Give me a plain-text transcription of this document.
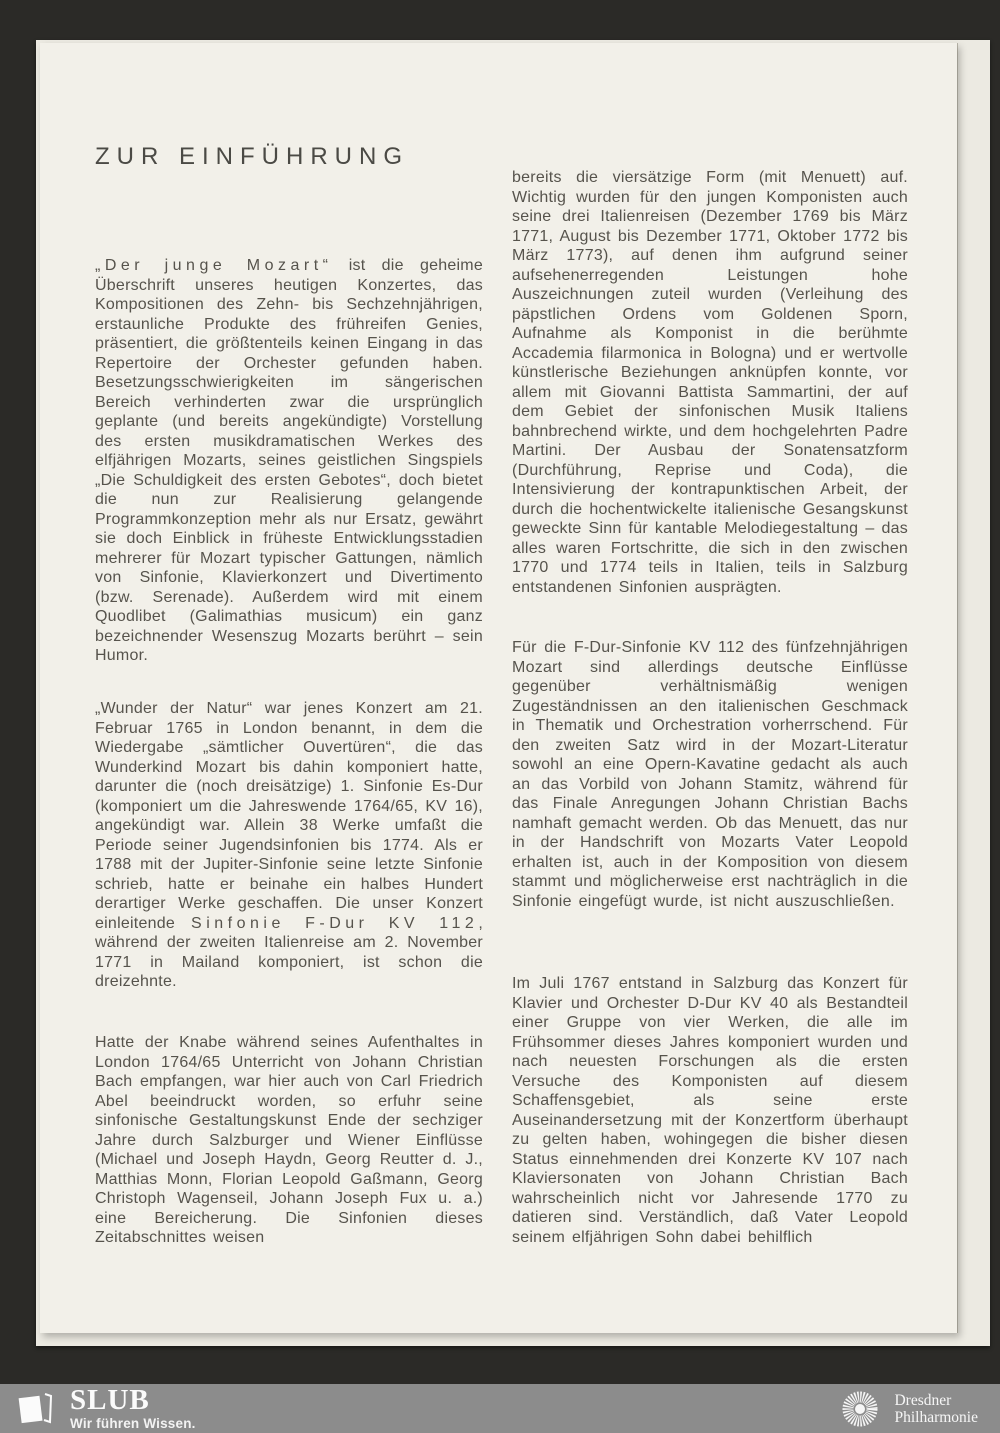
ZUR EINFÜHRUNG

„Der junge Mozart“ ist die geheime Überschrift unseres heutigen Konzertes, das Kompositionen des Zehn- bis Sechzehnjährigen, erstaunliche Produkte des frühreifen Genies, präsentiert, die größtenteils keinen Eingang in das Repertoire der Orchester gefunden haben. Besetzungsschwierigkeiten im sängerischen Bereich verhinderten zwar die ursprünglich geplante (und bereits angekündigte) Vorstellung des ersten musikdramatischen Werkes des elfjährigen Mozarts, seines geistlichen Singspiels „Die Schuldigkeit des ersten Gebotes“, doch bietet die nun zur Realisierung gelangende Programmkonzeption mehr als nur Ersatz, gewährt sie doch Einblick in früheste Entwicklungsstadien mehrerer für Mozart typischer Gattungen, nämlich von Sinfonie, Klavierkonzert und Divertimento (bzw. Serenade). Außerdem wird mit einem Quodlibet (Galimathias musicum) ein ganz bezeichnender Wesenszug Mozarts berührt – sein Humor.

„Wunder der Natur“ war jenes Konzert am 21. Februar 1765 in London benannt, in dem die Wiedergabe „sämtlicher Ouvertüren“, die das Wunderkind Mozart bis dahin komponiert hatte, darunter die (noch dreisätzige) 1. Sinfonie Es-Dur (komponiert um die Jahreswende 1764/65, KV 16), angekündigt war. Allein 38 Werke umfaßt die Periode seiner Jugendsinfonien bis 1774. Als er 1788 mit der Jupiter-Sinfonie seine letzte Sinfonie schrieb, hatte er beinahe ein halbes Hundert derartiger Werke geschaffen. Die unser Konzert einleitende Sinfonie F-Dur KV 112, während der zweiten Italienreise am 2. November 1771 in Mailand komponiert, ist schon die dreizehnte.

Hatte der Knabe während seines Aufenthaltes in London 1764/65 Unterricht von Johann Christian Bach empfangen, war hier auch von Carl Friedrich Abel beeindruckt worden, so erfuhr seine sinfonische Gestaltungskunst Ende der sechziger Jahre durch Salzburger und Wiener Einflüsse (Michael und Joseph Haydn, Georg Reutter d. J., Matthias Monn, Florian Leopold Gaßmann, Georg Christoph Wagenseil, Johann Joseph Fux u. a.) eine Bereicherung. Die Sinfonien dieses Zeitabschnittes weisen

bereits die viersätzige Form (mit Menuett) auf. Wichtig wurden für den jungen Komponisten auch seine drei Italienreisen (Dezember 1769 bis März 1771, August bis Dezember 1771, Oktober 1772 bis März 1773), auf denen ihm aufgrund seiner aufsehenerregenden Leistungen hohe Auszeichnungen zuteil wurden (Verleihung des päpstlichen Ordens vom Goldenen Sporn, Aufnahme als Komponist in die berühmte Accademia filarmonica in Bologna) und er wertvolle künstlerische Beziehungen anknüpfen konnte, vor allem mit Giovanni Battista Sammartini, der auf dem Gebiet der sinfonischen Musik Italiens bahnbrechend wirkte, und dem hochgelehrten Padre Martini. Der Ausbau der Sonatensatzform (Durchführung, Reprise und Coda), die Intensivierung der kontrapunktischen Arbeit, der durch die hochentwickelte italienische Gesangskunst geweckte Sinn für kantable Melodiegestaltung – das alles waren Fortschritte, die sich in den zwischen 1770 und 1774 teils in Italien, teils in Salzburg entstandenen Sinfonien ausprägten.

Für die F-Dur-Sinfonie KV 112 des fünfzehnjährigen Mozart sind allerdings deutsche Einflüsse gegenüber verhältnismäßig wenigen Zugeständnissen an den italienischen Geschmack in Thematik und Orchestration vorherrschend. Für den zweiten Satz wird in der Mozart-Literatur sowohl an eine Opern-Kavatine gedacht als auch an das Vorbild von Johann Stamitz, während für das Finale Anregungen Johann Christian Bachs namhaft gemacht werden. Ob das Menuett, das nur in der Handschrift von Mozarts Vater Leopold erhalten ist, auch in der Komposition von diesem stammt und möglicherweise erst nachträglich in die Sinfonie eingefügt wurde, ist nicht auszuschließen.

Im Juli 1767 entstand in Salzburg das Konzert für Klavier und Orchester D-Dur KV 40 als Bestandteil einer Gruppe von vier Werken, die alle im Frühsommer dieses Jahres komponiert wurden und nach neuesten Forschungen als die ersten Versuche des Komponisten auf diesem Schaffensgebiet, als seine erste Auseinandersetzung mit der Konzertform überhaupt zu gelten haben, wohingegen die bisher diesen Status einnehmenden drei Konzerte KV 107 nach Klaviersonaten von Johann Christian Bach wahrscheinlich nicht vor Jahresende 1770 zu datieren sind. Verständlich, daß Vater Leopold seinem elfjährigen Sohn dabei behilflich

SLUB
Wir führen Wissen.
Dresdner
Philharmonie
